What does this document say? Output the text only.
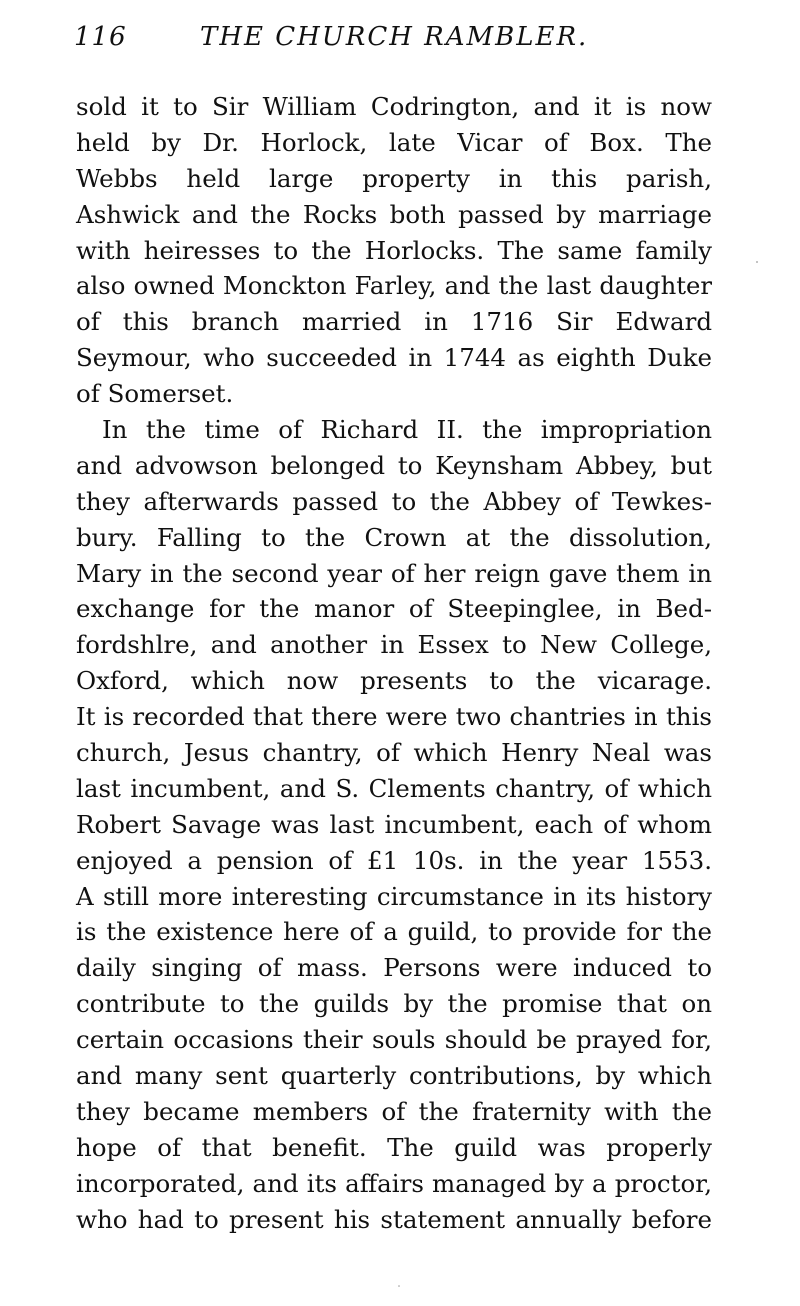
116	THE CHURCH RAMBLER.
sold it to Sir William Codrington, and it is now
held by Dr. Horlock, late Vicar of Box. The
Webbs held large property in this parish,
Ashwick and the Rocks both passed by marriage
with heiresses to the Horlocks. The same family
also owned Monckton Farley, and the last daughter
of this branch married in 1716 Sir Edward
Seymour, who succeeded in 1744 as eighth Duke
of Somerset.
In the time of Richard II. the impropriation
and advowson belonged to Keynsham Abbey, but
they afterwards passed to the Abbey of Tewkes-
bury. Falling to the Crown at the dissolution,
Mary in the second year of her reign gave them in
exchange for the manor of Steepinglee, in Bed-
fordshlre, and another in Essex to New College,
Oxford, which now presents to the vicarage.
It is recorded that there were two chantries in this
church, Jesus chantry, of which Henry Neal was
last incumbent, and S. Clements chantry, of which
Robert Savage was last incumbent, each of whom
enjoyed a pension of £1 10s. in the year 1553.
A still more interesting circumstance in its history
is the existence here of a guild, to provide for the
daily singing of mass. Persons were induced to
contribute to the guilds by the promise that on
certain occasions their souls should be prayed for,
and many sent quarterly contributions, by which
they became members of the fraternity with the
hope of that benefit. The guild was properly
incorporated, and its affairs managed by a proctor,
who had to present his statement annually before
